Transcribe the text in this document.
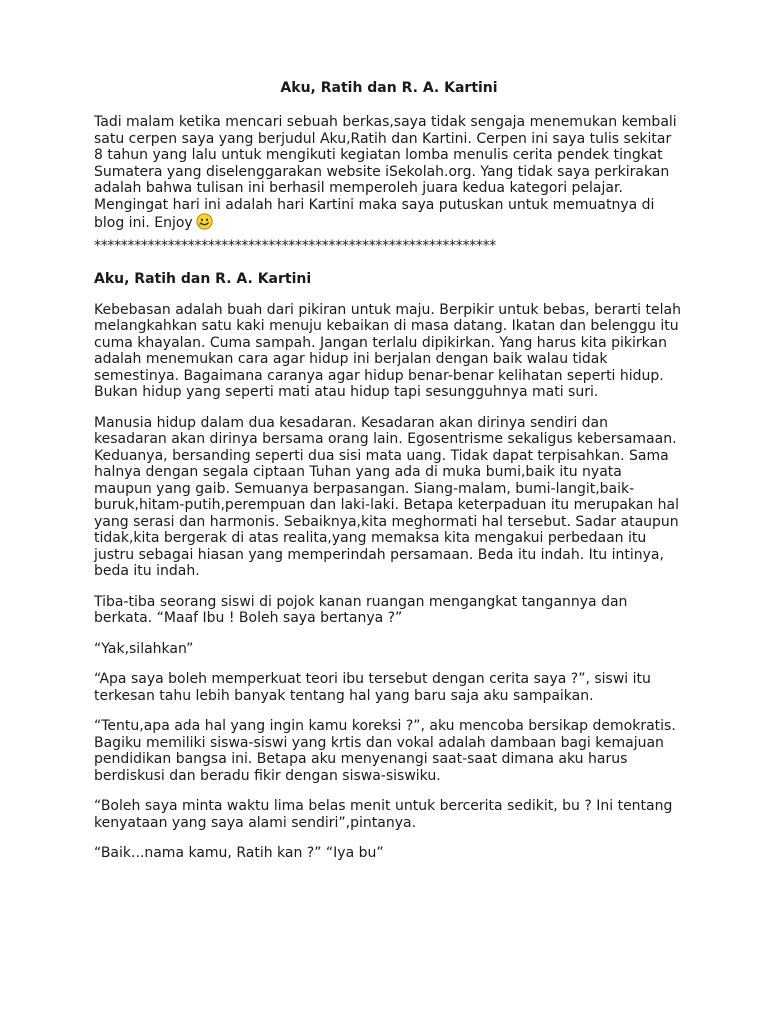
Aku, Ratih dan R. A. Kartini

Tadi malam ketika mencari sebuah berkas,saya tidak sengaja menemukan kembali satu cerpen saya yang berjudul Aku,Ratih dan Kartini. Cerpen ini saya tulis sekitar 8 tahun yang lalu untuk mengikuti kegiatan lomba menulis cerita pendek tingkat Sumatera yang diselenggarakan website iSekolah.org. Yang tidak saya perkirakan adalah bahwa tulisan ini berhasil memperoleh juara kedua kategori pelajar. Mengingat hari ini adalah hari Kartini maka saya putuskan untuk memuatnya di blog ini. Enjoy

************************************************************
Aku, Ratih dan R. A. Kartini

Kebebasan adalah buah dari pikiran untuk maju. Berpikir untuk bebas, berarti telah melangkahkan satu kaki menuju kebaikan di masa datang. Ikatan dan belenggu itu cuma khayalan. Cuma sampah. Jangan terlalu dipikirkan. Yang harus kita pikirkan adalah menemukan cara agar hidup ini berjalan dengan baik walau tidak semestinya. Bagaimana caranya agar hidup benar-benar kelihatan seperti hidup. Bukan hidup yang seperti mati atau hidup tapi sesungguhnya mati suri.

Manusia hidup dalam dua kesadaran. Kesadaran akan dirinya sendiri dan kesadaran akan dirinya bersama orang lain. Egosentrisme sekaligus kebersamaan. Keduanya, bersanding seperti dua sisi mata uang. Tidak dapat terpisahkan. Sama halnya dengan segala ciptaan Tuhan yang ada di muka bumi,baik itu nyata maupun yang gaib. Semuanya berpasangan. Siang-malam, bumi-langit,baik-buruk,hitam-putih,perempuan dan laki-laki. Betapa keterpaduan itu merupakan hal yang serasi dan harmonis. Sebaiknya,kita meghormati hal tersebut. Sadar ataupun tidak,kita bergerak di atas realita,yang memaksa kita mengakui perbedaan itu justru sebagai hiasan yang memperindah persamaan. Beda itu indah. Itu intinya, beda itu indah.

Tiba-tiba seorang siswi di pojok kanan ruangan mengangkat tangannya dan berkata. “Maaf Ibu ! Boleh saya bertanya ?”

“Yak,silahkan”

“Apa saya boleh memperkuat teori ibu tersebut dengan cerita saya ?”, siswi itu terkesan tahu lebih banyak tentang hal yang baru saja aku sampaikan.

“Tentu,apa ada hal yang ingin kamu koreksi ?”, aku mencoba bersikap demokratis. Bagiku memiliki siswa-siswi yang krtis dan vokal adalah dambaan bagi kemajuan pendidikan bangsa ini. Betapa aku menyenangi saat-saat dimana aku harus berdiskusi dan beradu fikir dengan siswa-siswiku.

“Boleh saya minta waktu lima belas menit untuk bercerita sedikit, bu ? Ini tentang kenyataan yang saya alami sendiri”,pintanya.

“Baik...nama kamu, Ratih kan ?” “Iya bu”
